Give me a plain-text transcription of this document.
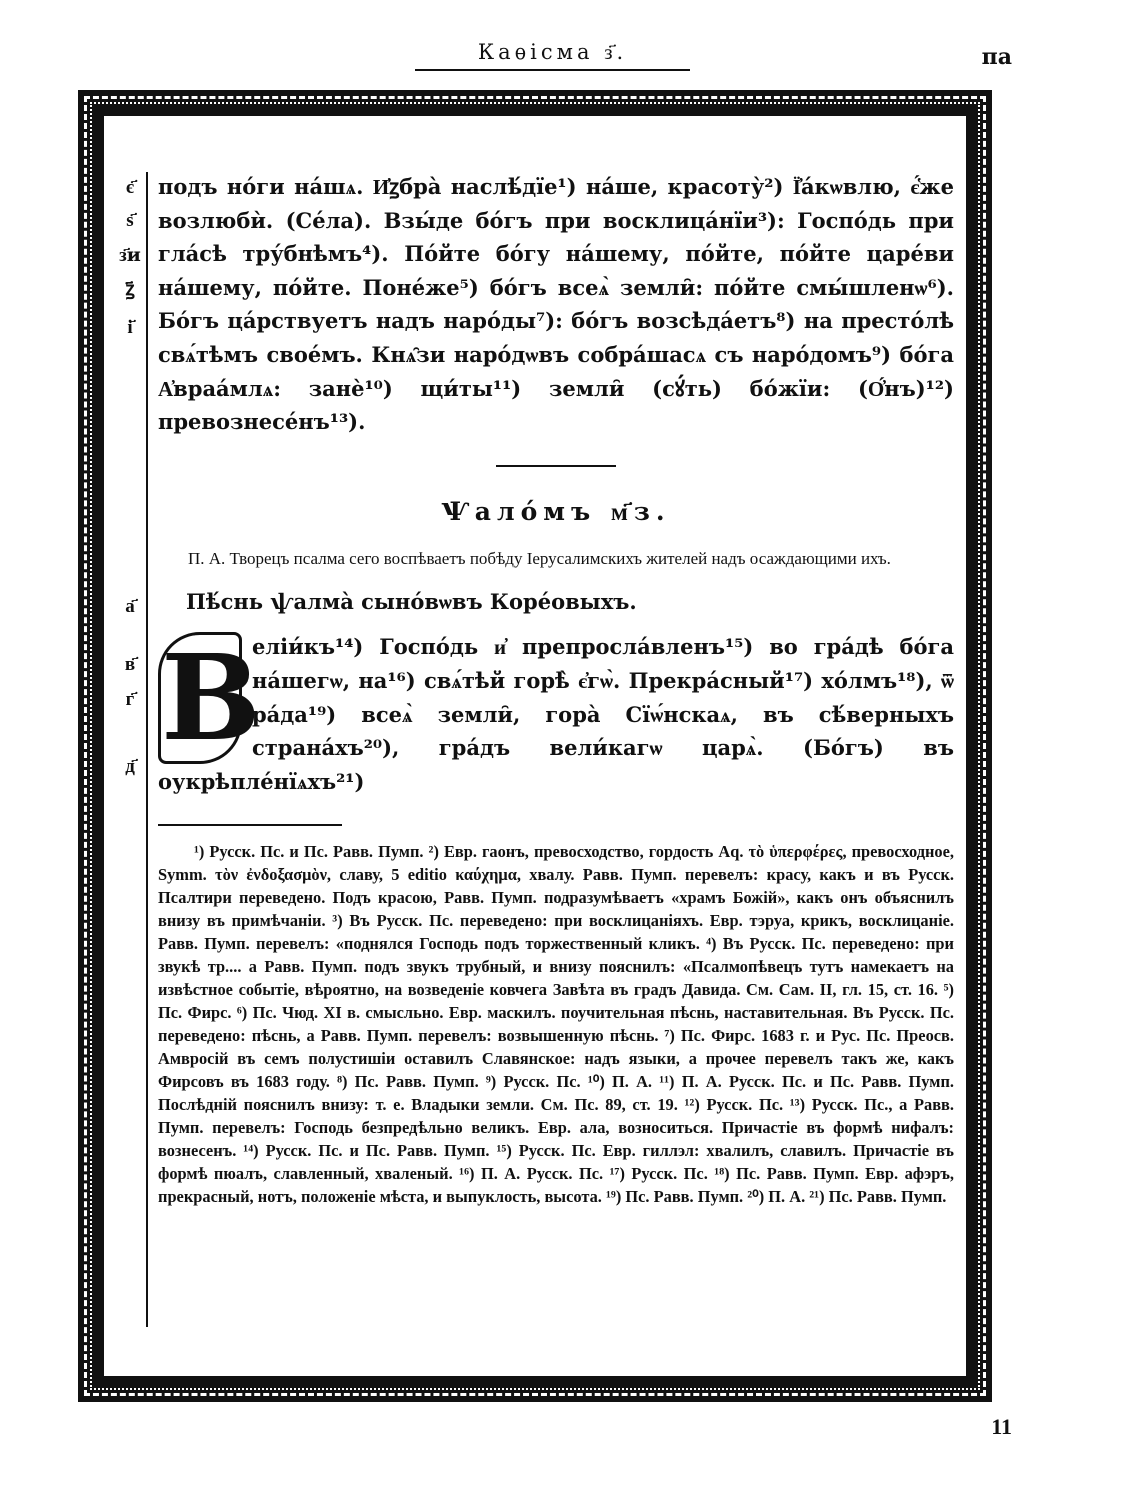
Каѳісма з҃.	па
є҃
ѕ҃
з҃и
ꙁ҃
і҃
а҃
в҃
г҃
д҃

подъ но́ги на́шѧ. И҆ꙁбра̀ наслѣ́дїе¹) на́ше, красоту̀²) Ї҆а́кѡвлю, є҅́же возлюбѝ. (Се́ла). Взы́де бо́гъ при восклица́нїи³): Госпо́дь при гла́сѣ тру́бнѣмъ⁴). По́йте бо́гу на́шему, по́йте, по́йте царе́ви на́шему, по́йте. Поне́же⁵) бо́гъ всеѧ̀ земли̑: по́йте смы́шленѡ⁶). Бо́гъ ца́рствуетъ надъ наро́ды⁷): бо́гъ возсѣда́етъ⁸) на престо́лѣ свѧ́тѣмъ свое́мъ. Кнѧ̑зи наро́дѡвъ собра́шасѧ съ наро́домъ⁹) бо́га А҆враа́млѧ: занѐ¹⁰) щи́ты¹¹) земли̑ (сꙋ́ть) бо́жїи: (О҆́нъ)¹²) превознесе́нъ¹³).

Ѱало́мъ м҃з.

П. А. Творецъ псалма сего воспѣваетъ побѣду Іерусалимскихъ жителей надъ осаждающими ихъ.

Пѣ́снь ѱалма̀ сыно́вѡвъ Коре́овыхъ.

В

еліи́къ¹⁴) Госпо́дь и҆ препросла́вленъ¹⁵) во гра́дѣ бо́га на́шегѡ, на¹⁶) свѧ́тѣй горѣ̀ є҆гѡ̀. Прекра́сный¹⁷) хо́лмъ¹⁸), ѿ ра́да¹⁹) всеѧ̀ земли̑, гора̀ Сїѡ́нскаѧ, въ сѣ́верныхъ страна́хъ²⁰), гра́дъ вели́кагѡ царѧ̀. (Бо́гъ) въ оукрѣпле́нїѧхъ²¹)

¹) Русск. Пс. и Пс. Равв. Пумп. ²) Евр. гаонъ, превосходство, гордость Aq. τὸ ὑπερφέρες, превосходное, Symm. τὸν ἐνδοξασμὸν, славу, 5 editio καύχημα, хвалу. Равв. Пумп. перевелъ: красу, какъ и въ Русск. Псалтири переведено. Подъ красою, Равв. Пумп. подразумѣваетъ «храмъ Божій», какъ онъ объяснилъ внизу въ примѣчаніи. ³) Въ Русск. Пс. переведено: при восклицаніяхъ. Евр. тэруа, крикъ, восклицаніе. Равв. Пумп. перевелъ: «поднялся Господь подъ торжественный кликъ. ⁴) Въ Русск. Пс. переведено: при звукѣ тр.... а Равв. Пумп. подъ звукъ трубный, и внизу пояснилъ: «Псалмопѣвецъ тутъ намекаетъ на извѣстное событіе, вѣроятно, на возведеніе ковчега Завѣта въ градъ Давида. См. Сам. II, гл. 15, ст. 16. ⁵) Пс. Фирс. ⁶) Пс. Чюд. XI в. смысльно. Евр. маскилъ. поучительная пѣснь, наставительная. Въ Русск. Пс. переведено: пѣснь, а Равв. Пумп. перевелъ: возвышенную пѣснь. ⁷) Пс. Фирс. 1683 г. и Рус. Пс. Преосв. Амвросій въ семъ полустишіи оставилъ Славянское: надъ языки, а прочее перевелъ такъ же, какъ Фирсовъ въ 1683 году. ⁸) Пс. Равв. Пумп. ⁹) Русск. Пс. ¹⁰) П. А. ¹¹) П. А. Русск. Пс. и Пс. Равв. Пумп. Послѣдній пояснилъ внизу: т. е. Владыки земли. См. Пс. 89, ст. 19. ¹²) Русск. Пс. ¹³) Русск. Пс., а Равв. Пумп. перевелъ: Господь безпредѣльно великъ. Евр. ала, возноситься. Причастіе въ формѣ нифалъ: вознесенъ. ¹⁴) Русск. Пс. и Пс. Равв. Пумп. ¹⁵) Русск. Пс. Евр. гиллэл: хвалилъ, славилъ. Причастіе въ формѣ пюалъ, славленный, хваленый. ¹⁶) П. А. Русск. Пс. ¹⁷) Русск. Пс. ¹⁸) Пс. Равв. Пумп. Евр. афэръ, прекрасный, нотъ, положеніе мѣста, и выпуклость, высота. ¹⁹) Пс. Равв. Пумп. ²⁰) П. А. ²¹) Пс. Равв. Пумп.

11
